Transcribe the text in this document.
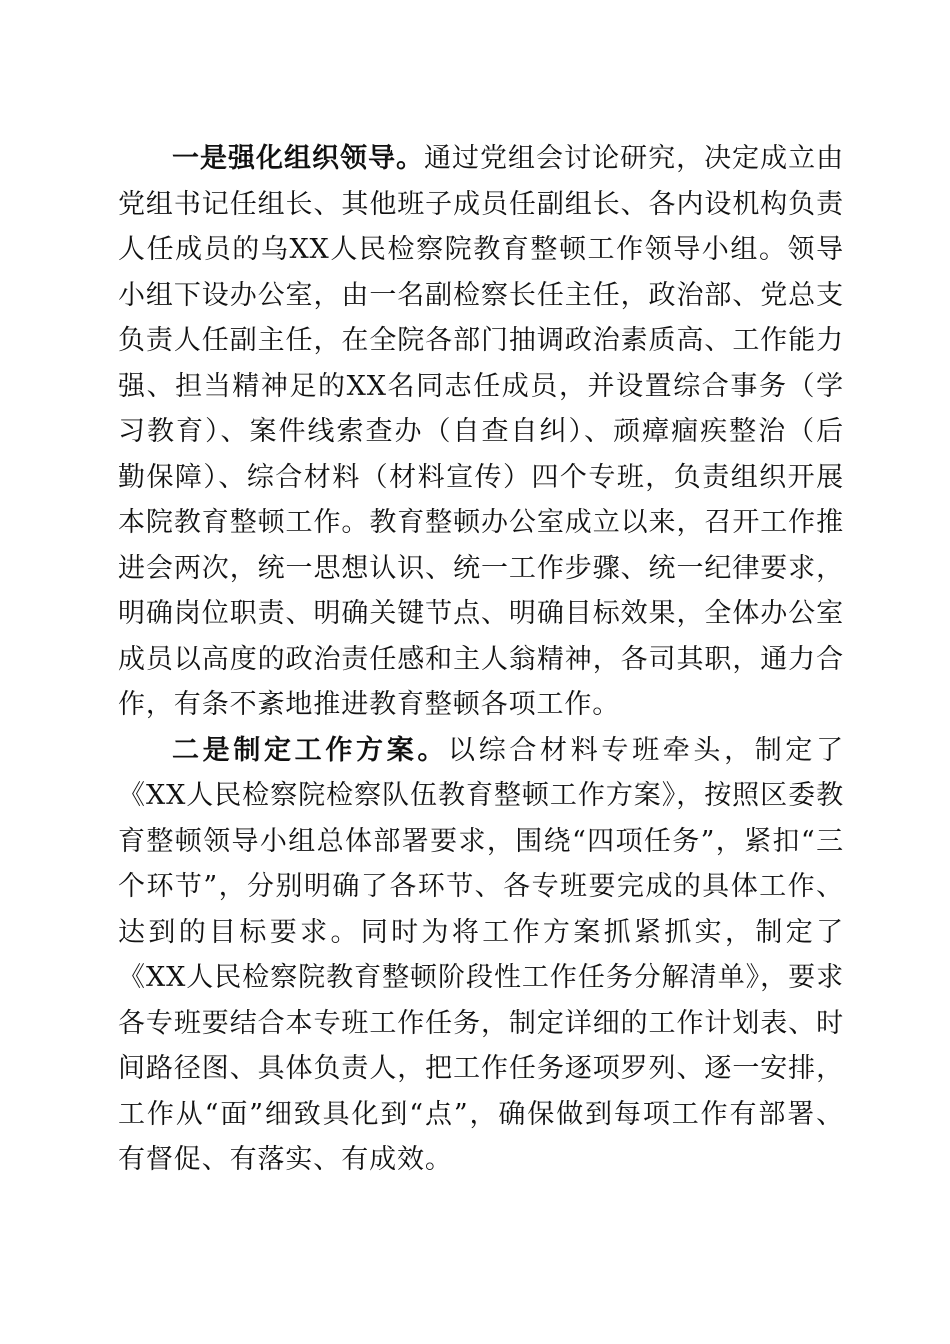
一是强化组织领导。通过党组会讨论研究，决定成立由党组书记任组长、其他班子成员任副组长、各内设机构负责人任成员的乌XX人民检察院教育整顿工作领导小组。领导小组下设办公室，由一名副检察长任主任，政治部、党总支负责人任副主任，在全院各部门抽调政治素质高、工作能力强、担当精神足的XX名同志任成员，并设置综合事务（学习教育）、案件线索查办（自查自纠）、顽瘴痼疾整治（后勤保障）、综合材料（材料宣传）四个专班，负责组织开展本院教育整顿工作。教育整顿办公室成立以来，召开工作推进会两次，统一思想认识、统一工作步骤、统一纪律要求，明确岗位职责、明确关键节点、明确目标效果，全体办公室成员以高度的政治责任感和主人翁精神，各司其职，通力合作，有条不紊地推进教育整顿各项工作。

二是制定工作方案。以综合材料专班牵头，制定了《XX人民检察院检察队伍教育整顿工作方案》，按照区委教育整顿领导小组总体部署要求，围绕“四项任务”，紧扣“三个环节”，分别明确了各环节、各专班要完成的具体工作、达到的目标要求。同时为将工作方案抓紧抓实，制定了《XX人民检察院教育整顿阶段性工作任务分解清单》，要求各专班要结合本专班工作任务，制定详细的工作计划表、时间路径图、具体负责人，把工作任务逐项罗列、逐一安排，工作从“面”细致具化到“点”，确保做到每项工作有部署、有督促、有落实、有成效。
